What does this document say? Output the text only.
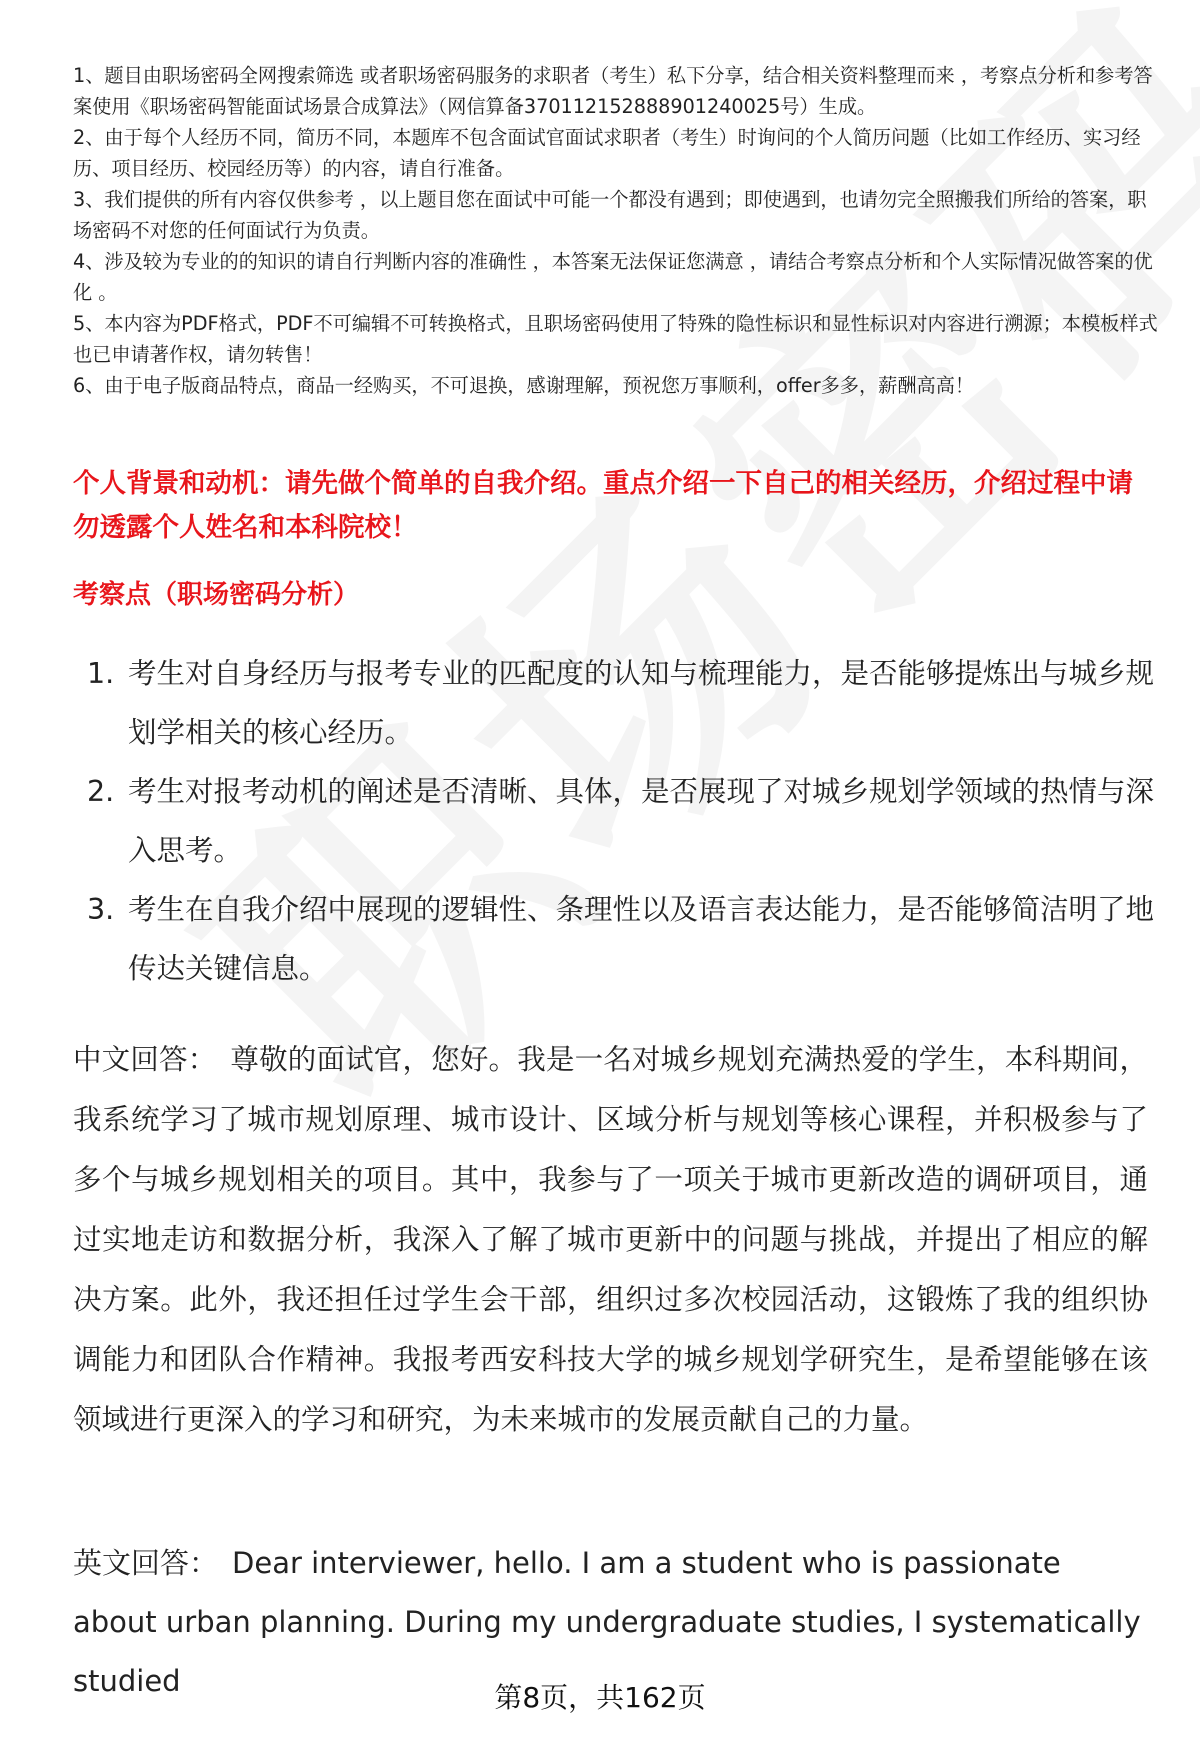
1、题目由职场密码全网搜索筛选 或者职场密码服务的求职者（考生）私下分享，结合相关资料整理而来 ，考察点分析和参考答案使用《职场密码智能面试场景合成算法》（网信算备370112152888901240025号）生成。

2、由于每个人经历不同，简历不同，本题库不包含面试官面试求职者（考生）时询问的个人简历问题（比如工作经历、实习经历、项目经历、校园经历等）的内容，请自行准备。

3、我们提供的所有内容仅供参考 ，以上题目您在面试中可能一个都没有遇到；即使遇到，也请勿完全照搬我们所给的答案，职场密码不对您的任何面试行为负责。

4、涉及较为专业的的知识的请自行判断内容的准确性 ，本答案无法保证您满意 ，请结合考察点分析和个人实际情况做答案的优化 。

5、本内容为PDF格式，PDF不可编辑不可转换格式，且职场密码使用了特殊的隐性标识和显性标识对内容进行溯源；本模板样式也已申请著作权，请勿转售！

6、由于电子版商品特点，商品一经购买，不可退换，感谢理解，预祝您万事顺利，offer多多，薪酬高高！

个人背景和动机：请先做个简单的自我介绍。重点介绍一下自己的相关经历，介绍过程中请勿透露个人姓名和本科院校！
考察点（职场密码分析）
1. 考生对自身经历与报考专业的匹配度的认知与梳理能力，是否能够提炼出与城乡规划学相关的核心经历。
2. 考生对报考动机的阐述是否清晰、具体，是否展现了对城乡规划学领域的热情与深入思考。
3. 考生在自我介绍中展现的逻辑性、条理性以及语言表达能力，是否能够简洁明了地传达关键信息。
中文回答： 尊敬的面试官，您好。我是一名对城乡规划充满热爱的学生，本科期间，我系统学习了城市规划原理、城市设计、区域分析与规划等核心课程，并积极参与了多个与城乡规划相关的项目。其中，我参与了一项关于城市更新改造的调研项目，通过实地走访和数据分析，我深入了解了城市更新中的问题与挑战，并提出了相应的解决方案。此外，我还担任过学生会干部，组织过多次校园活动，这锻炼了我的组织协调能力和团队合作精神。我报考西安科技大学的城乡规划学研究生，是希望能够在该领域进行更深入的学习和研究，为未来城市的发展贡献自己的力量。
英文回答： Dear interviewer, hello. I am a student who is passionate about urban planning. During my undergraduate studies, I systematically studied	第8页，共162页
